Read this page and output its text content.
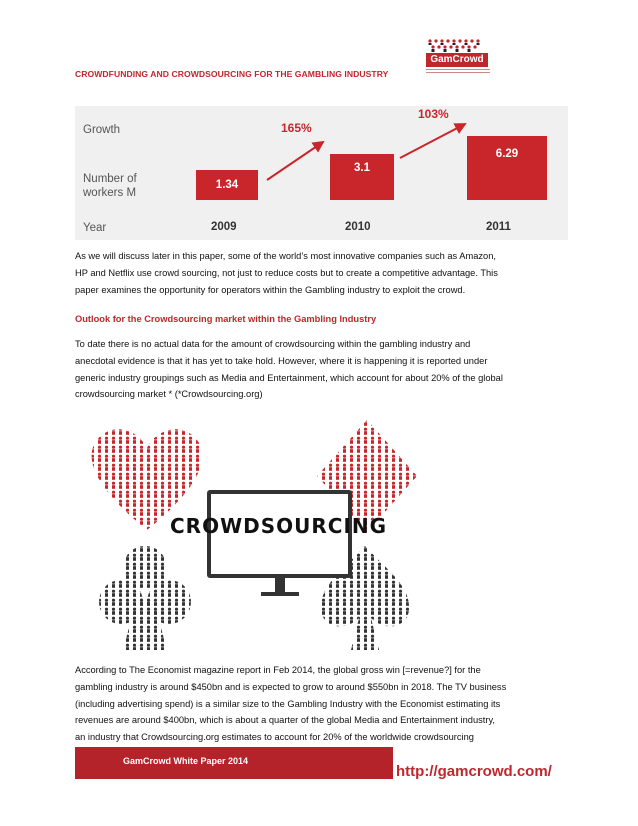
CROWDFUNDING AND CROWDSOURCING FOR THE GAMBLING INDUSTRY
GamCrowd
Growth
Number of workers M
Year
1.34
3.1
6.29
165%
103%
2009	2010	2011
As we will discuss later in this paper, some of the world’s most innovative companies such as Amazon,
HP and Netflix use crowd sourcing, not just to reduce costs but to create a competitive advantage. This
paper examines the opportunity for operators within the Gambling industry to exploit the crowd.
Outlook for the Crowdsourcing market within the Gambling Industry
To date there is no actual data for the amount of crowdsourcing within the gambling industry and
anecdotal evidence is that it has yet to take hold. However, where it is happening it is reported under
generic industry groupings such as Media and Entertainment, which account for about 20% of the global
crowdsourcing market * (*Crowdsourcing.org)
CROWDSOURCING
According to The Economist magazine report in Feb 2014, the global gross win [=revenue?] for the
gambling industry is around $450bn and is expected to grow to around $550bn in 2018. The TV business
(including advertising spend) is a similar size to the Gambling Industry with the Economist estimating its
revenues are around $400bn, which is about a quarter of the global Media and Entertainment industry,
an industry that Crowdsourcing.org estimates to account for 20% of the worldwide crowdsourcing
GamCrowd White Paper 2014
http://gamcrowd.com/
